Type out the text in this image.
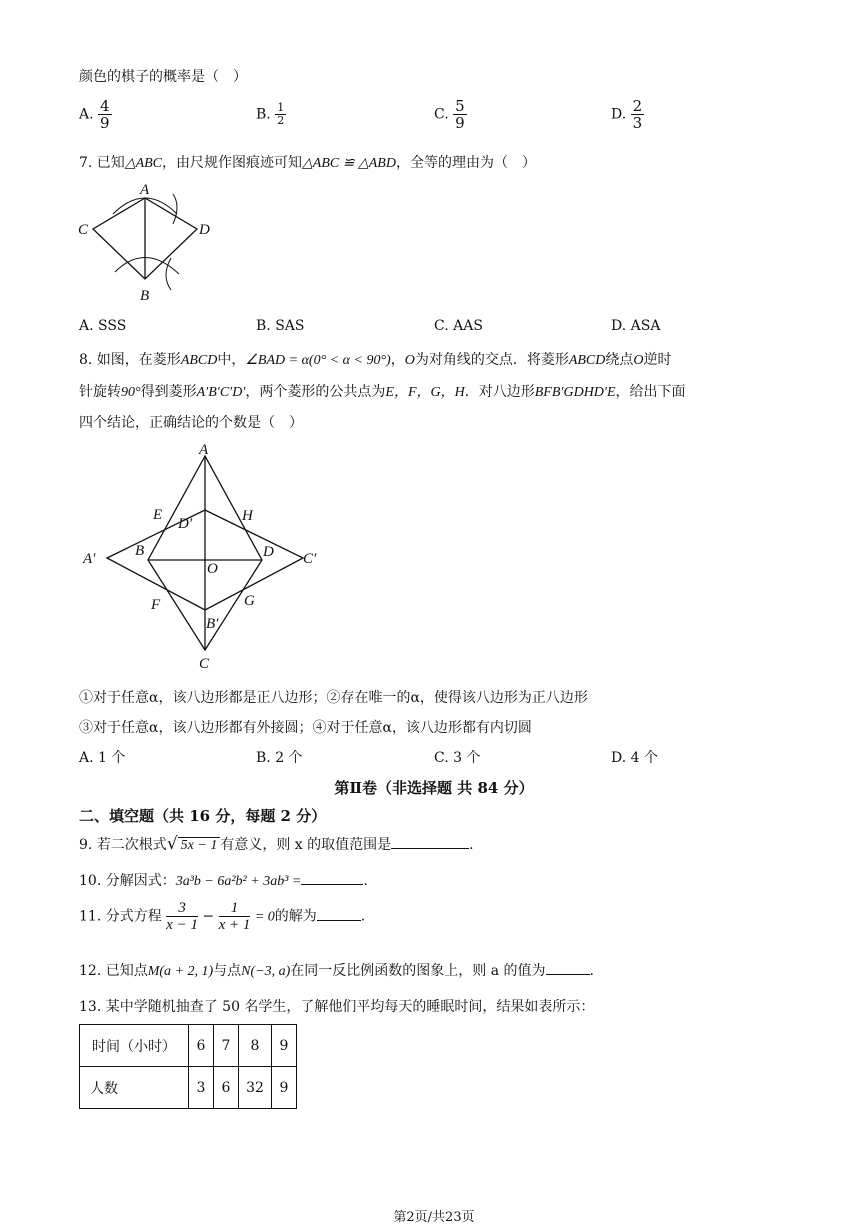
颜色的棋子的概率是（　）
A. $\frac{4}{9}$	B. $\frac{1}{2}$	C. $\frac{5}{9}$	D. $\frac{2}{3}$
7. 已知△ABC，由尺规作图痕迹可知△ABC ≌ △ABD，全等的理由为（　）
A
C	D
B
A. SSS	B. SAS	C. AAS	D. ASA
8. 如图，在菱形ABCD中，∠BAD = α(0° < α < 90°)，O为对角线的交点．将菱形ABCD绕点O逆时
针旋转90°得到菱形A′B′C′D′，两个菱形的公共点为E，F，G，H．对八边形BFB′GDHD′E，给出下面
四个结论，正确结论的个数是（　）
A
A′	C′
C
E
D′	H
B	D
O
F	G
B′
①对于任意α，该八边形都是正八边形；②存在唯一的α，使得该八边形为正八边形
③对于任意α，该八边形都有外接圆；④对于任意α，该八边形都有内切圆
A. 1 个	B. 2 个	C. 3 个	D. 4 个
第Ⅱ卷（非选择题 共 84 分）
二、填空题（共 16 分，每题 2 分）
9. 若二次根式√ 5x − 1 有意义，则 x 的取值范围是	.
10. 分解因式：3a³b − 6a²b² + 3ab³ =	.
11. 分式方程 $\frac{3}{x - 1} - \frac{1}{x + 1} = 0$的解为	.
12. 已知点M(a + 2, 1)与点N(−3, a)在同一反比例函数的图象上，则 a 的值为	.
13. 某中学随机抽查了 50 名学生，了解他们平均每天的睡眠时间，结果如表所示：
时间（小时）	6	7	8	9
人数	3	6	32	9
第2页/共23页
